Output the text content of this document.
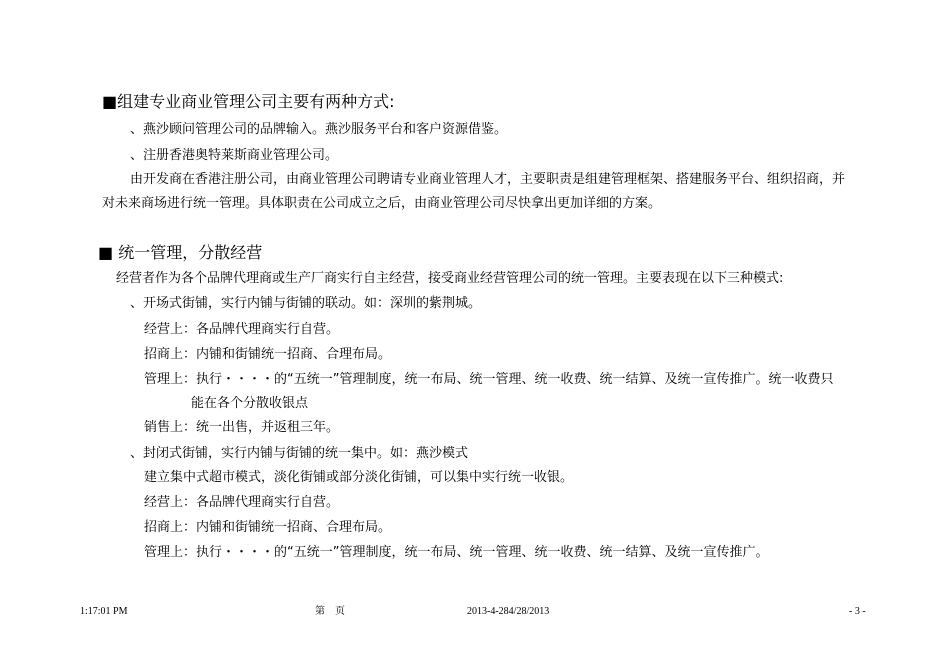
■组建专业商业管理公司主要有两种方式:
、燕沙顾问管理公司的品牌输入。燕沙服务平台和客户资源借鉴。
、注册香港奥特莱斯商业管理公司。
由开发商在香港注册公司，由商业管理公司聘请专业商业管理人才，主要职责是组建管理框架、搭建服务平台、组织招商，并
对未来商场进行统一管理。具体职责在公司成立之后，由商业管理公司尽快拿出更加详细的方案。
■ 统一管理，分散经营
经营者作为各个品牌代理商或生产厂商实行自主经营，接受商业经营管理公司的统一管理。主要表现在以下三种模式:
、开场式街铺，实行内铺与街铺的联动。如：深圳的紫荆城。
经营上：各品牌代理商实行自营。
招商上：内铺和街铺统一招商、合理布局。
管理上：执行・・・・的“五统一”管理制度，统一布局、统一管理、统一收费、统一结算、及统一宣传推广。统一收费只
能在各个分散收银点
销售上：统一出售，并返租三年。
、封闭式街铺，实行内铺与街铺的统一集中。如：燕沙模式
建立集中式超市模式，淡化街铺或部分淡化街铺，可以集中实行统一收银。
经营上：各品牌代理商实行自营。
招商上：内铺和街铺统一招商、合理布局。
管理上：执行・・・・的“五统一”管理制度，统一布局、统一管理、统一收费、统一结算、及统一宣传推广。
1:17:01 PM	第　页	2013-4-284/28/2013	- 3 -
